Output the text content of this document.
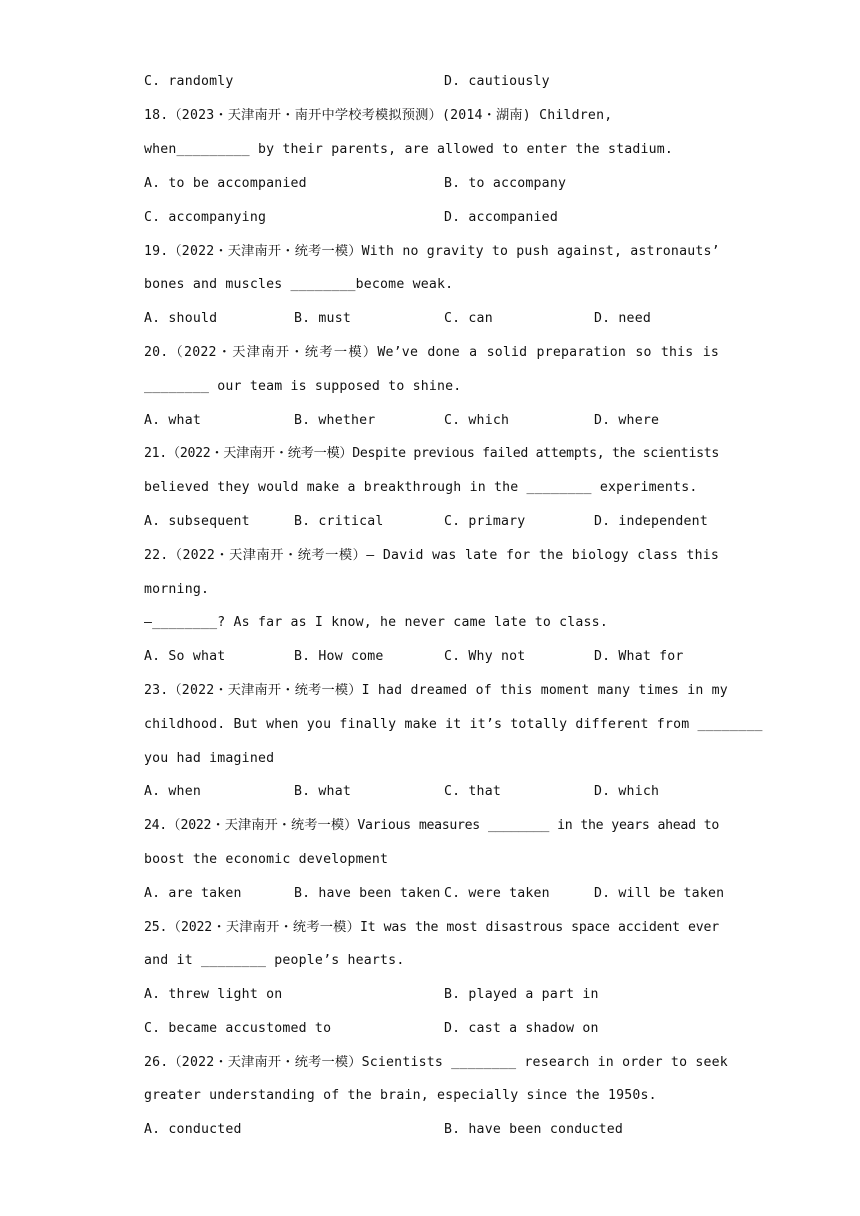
C. randomly	D. cautiously
18.（2023・天津南开・南开中学校考模拟预测）(2014・湖南) Children,
when_________ by their parents, are allowed to enter the stadium.
A. to be accompanied	B. to accompany
C. accompanying	D. accompanied
19.（2022・天津南开・统考一模）With no gravity to push against, astronauts’
bones and muscles ________become weak.
A. should	B. must	C. can	D. need
20.（2022・天津南开・统考一模）We’ve done a solid preparation so this is
________ our team is supposed to shine.
A. what	B. whether	C. which	D. where
21.（2022・天津南开・统考一模）Despite previous failed attempts, the scientists
believed they would make a breakthrough in the ________ experiments.
A. subsequent	B. critical	C. primary	D. independent
22.（2022・天津南开・统考一模）— David was late for the biology class this
morning.
—________? As far as I know, he never came late to class.
A. So what	B. How come	C. Why not	D. What for
23.（2022・天津南开・统考一模）I had dreamed of this moment many times in my
childhood. But when you finally make it it’s totally different from ________
you had imagined
A. when	B. what	C. that	D. which
24.（2022・天津南开・统考一模）Various measures ________ in the years ahead to
boost the economic development
A. are taken	B. have been taken C. were taken	D. will be taken
25.（2022・天津南开・统考一模）It was the most disastrous space accident ever
and it ________ people’s hearts.
A. threw light on	B. played a part in
C. became accustomed to	D. cast a shadow on
26.（2022・天津南开・统考一模）Scientists ________ research in order to seek
greater understanding of the brain, especially since the 1950s.
A. conducted	B. have been conducted
